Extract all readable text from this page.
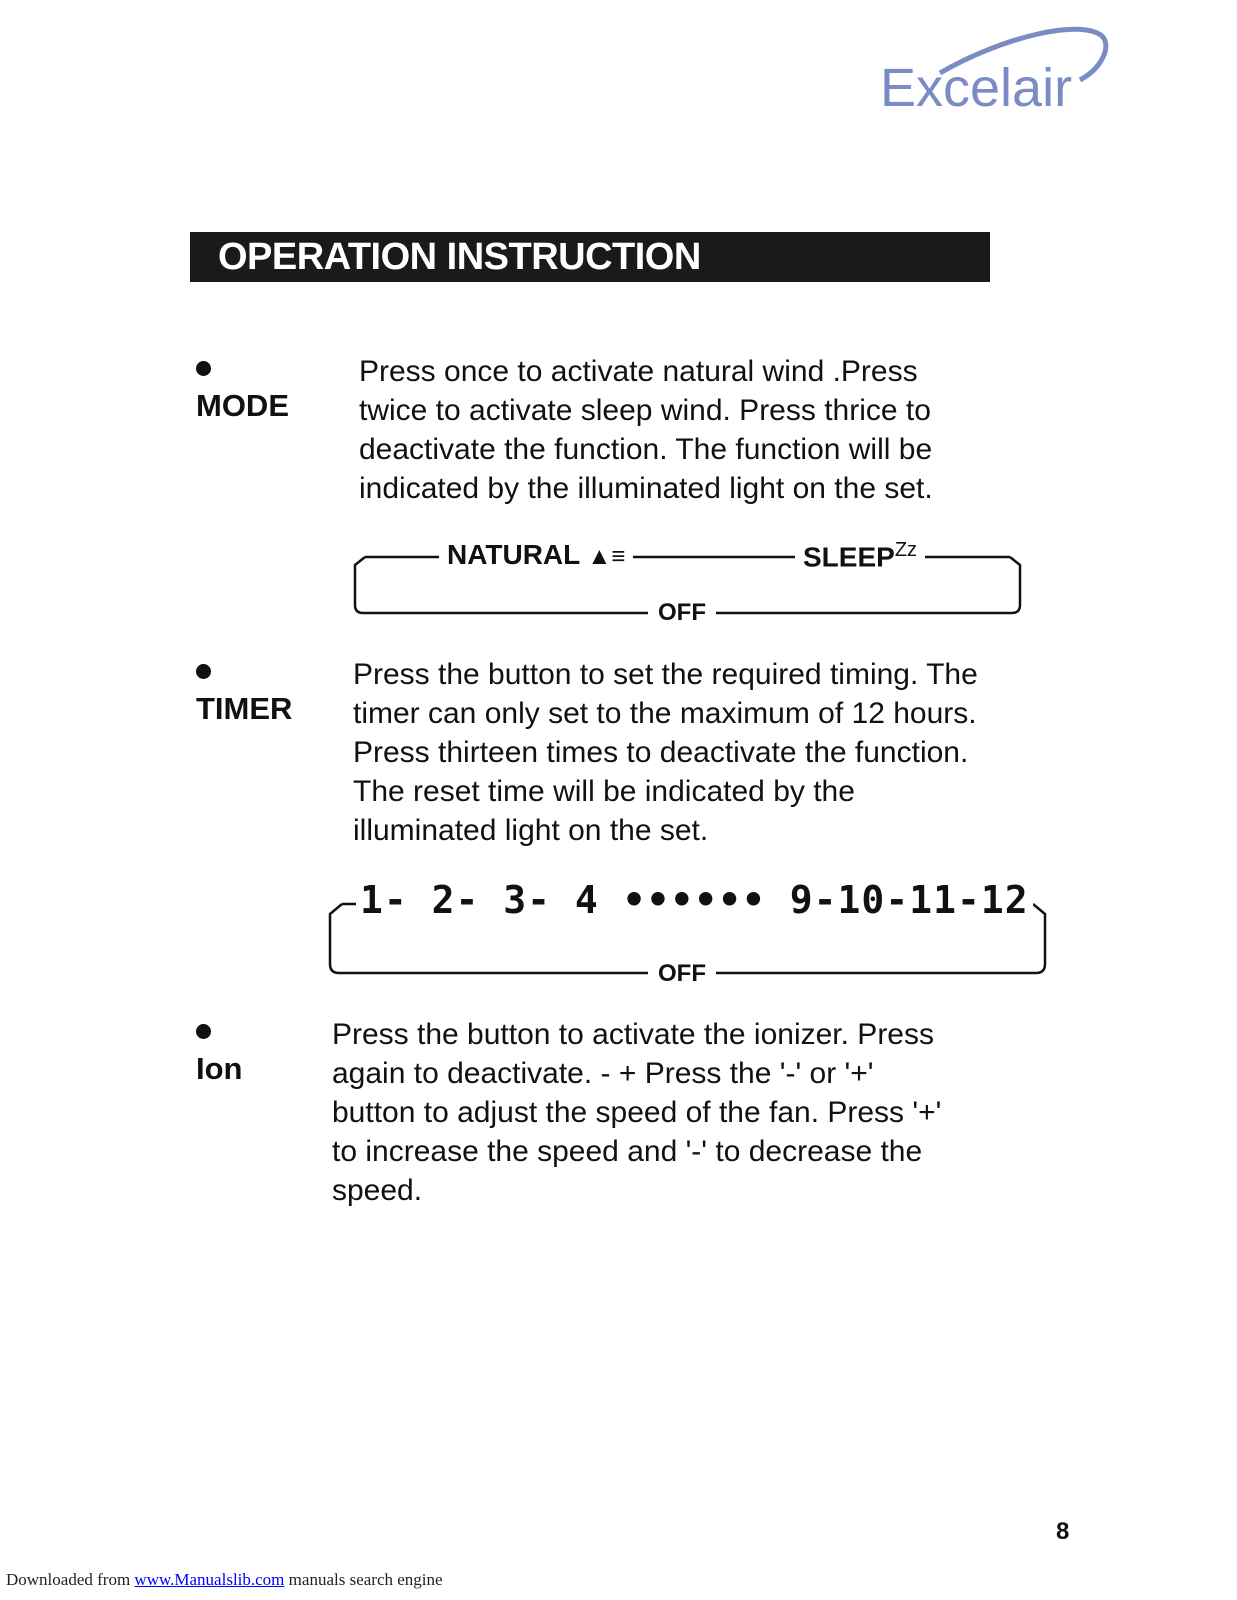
Excelair
OPERATION INSTRUCTION
MODE
Press once to activate natural wind .Press
twice to activate sleep wind. Press thrice to
deactivate the function. The function will be
indicated by the illuminated light on the set.
NATURAL ▲≡	$SLEEP^{Zz}$
OFF
TIMER
Press the button to set the required timing. The
timer can only set to the maximum of 12 hours.
Press thirteen times to deactivate the function.
The reset time will be indicated by the
illuminated light on the set.
1- 2- 3- 4 •••••• 9-10-11-12
OFF
Ion
Press the button to activate the ionizer. Press
again to deactivate. - + Press the '-' or '+'
button to adjust the speed of the fan. Press '+'
to increase the speed and '-' to decrease the
speed.
8
Downloaded from www.Manualslib.com manuals search engine
